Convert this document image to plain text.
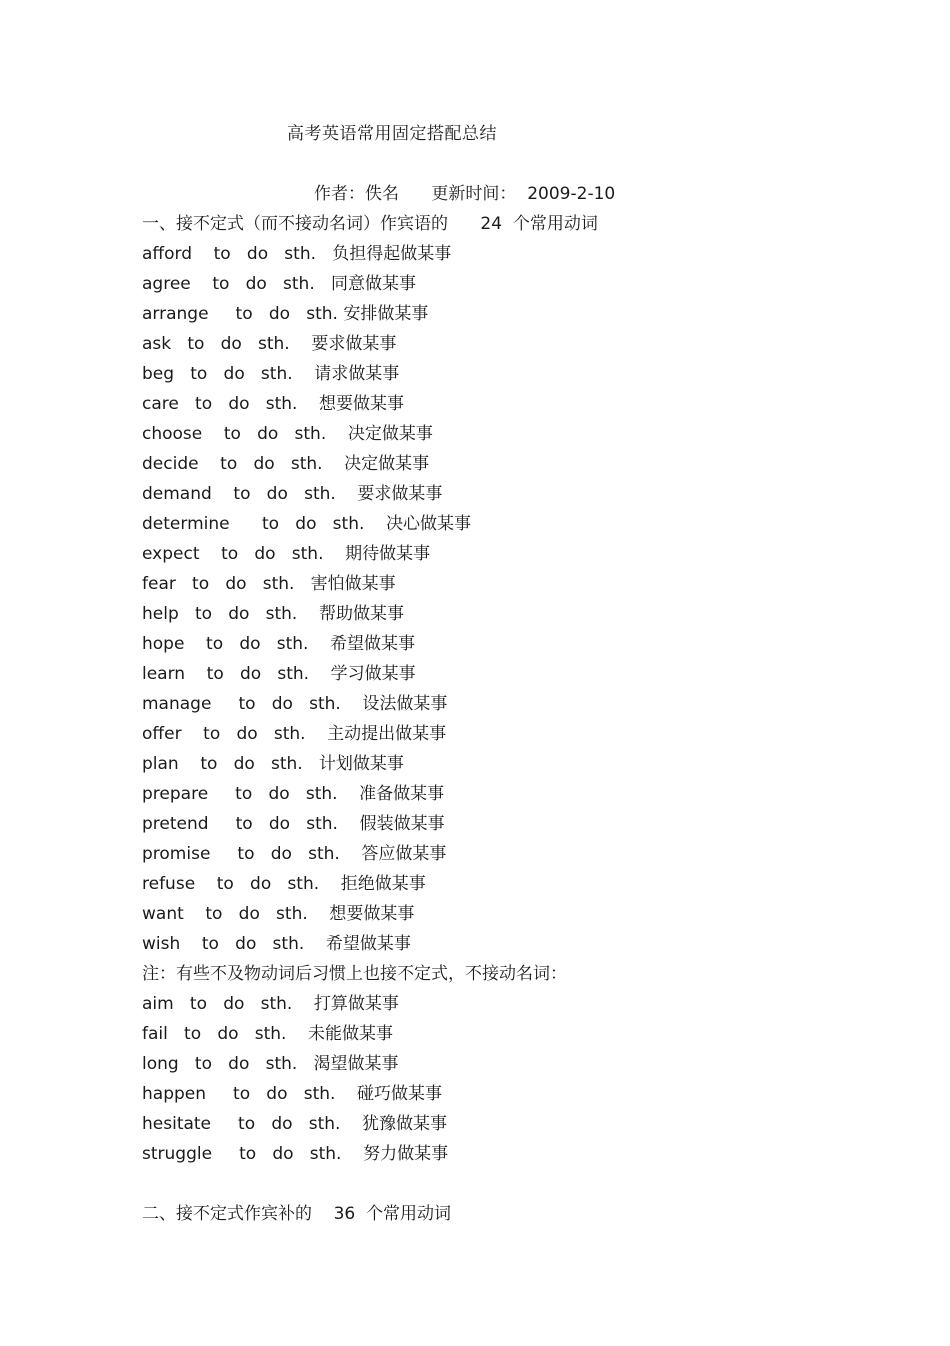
高考英语常用固定搭配总结
作者：佚名      更新时间：  2009-2-10
一、接不定式（而不接动名词）作宾语的      24  个常用动词
afford    to   do   sth.   负担得起做某事
agree    to   do   sth.   同意做某事
arrange     to   do   sth. 安排做某事
ask   to   do   sth.    要求做某事
beg   to   do   sth.    请求做某事
care   to   do   sth.    想要做某事
choose    to   do   sth.    决定做某事
decide    to   do   sth.    决定做某事
demand    to   do   sth.    要求做某事
determine      to   do   sth.    决心做某事
expect    to   do   sth.    期待做某事
fear   to   do   sth.   害怕做某事
help   to   do   sth.    帮助做某事
hope    to   do   sth.    希望做某事
learn    to   do   sth.    学习做某事
manage     to   do   sth.    设法做某事
offer    to   do   sth.    主动提出做某事
plan    to   do   sth.   计划做某事
prepare     to   do   sth.    准备做某事
pretend     to   do   sth.    假装做某事
promise     to   do   sth.    答应做某事
refuse    to   do   sth.    拒绝做某事
want    to   do   sth.    想要做某事
wish    to   do   sth.    希望做某事
注：有些不及物动词后习惯上也接不定式，不接动名词：
aim   to   do   sth.    打算做某事
fail   to   do   sth.    未能做某事
long   to   do   sth.   渴望做某事
happen     to   do   sth.    碰巧做某事
hesitate     to   do   sth.    犹豫做某事
struggle     to   do   sth.    努力做某事
二、接不定式作宾补的    36  个常用动词
